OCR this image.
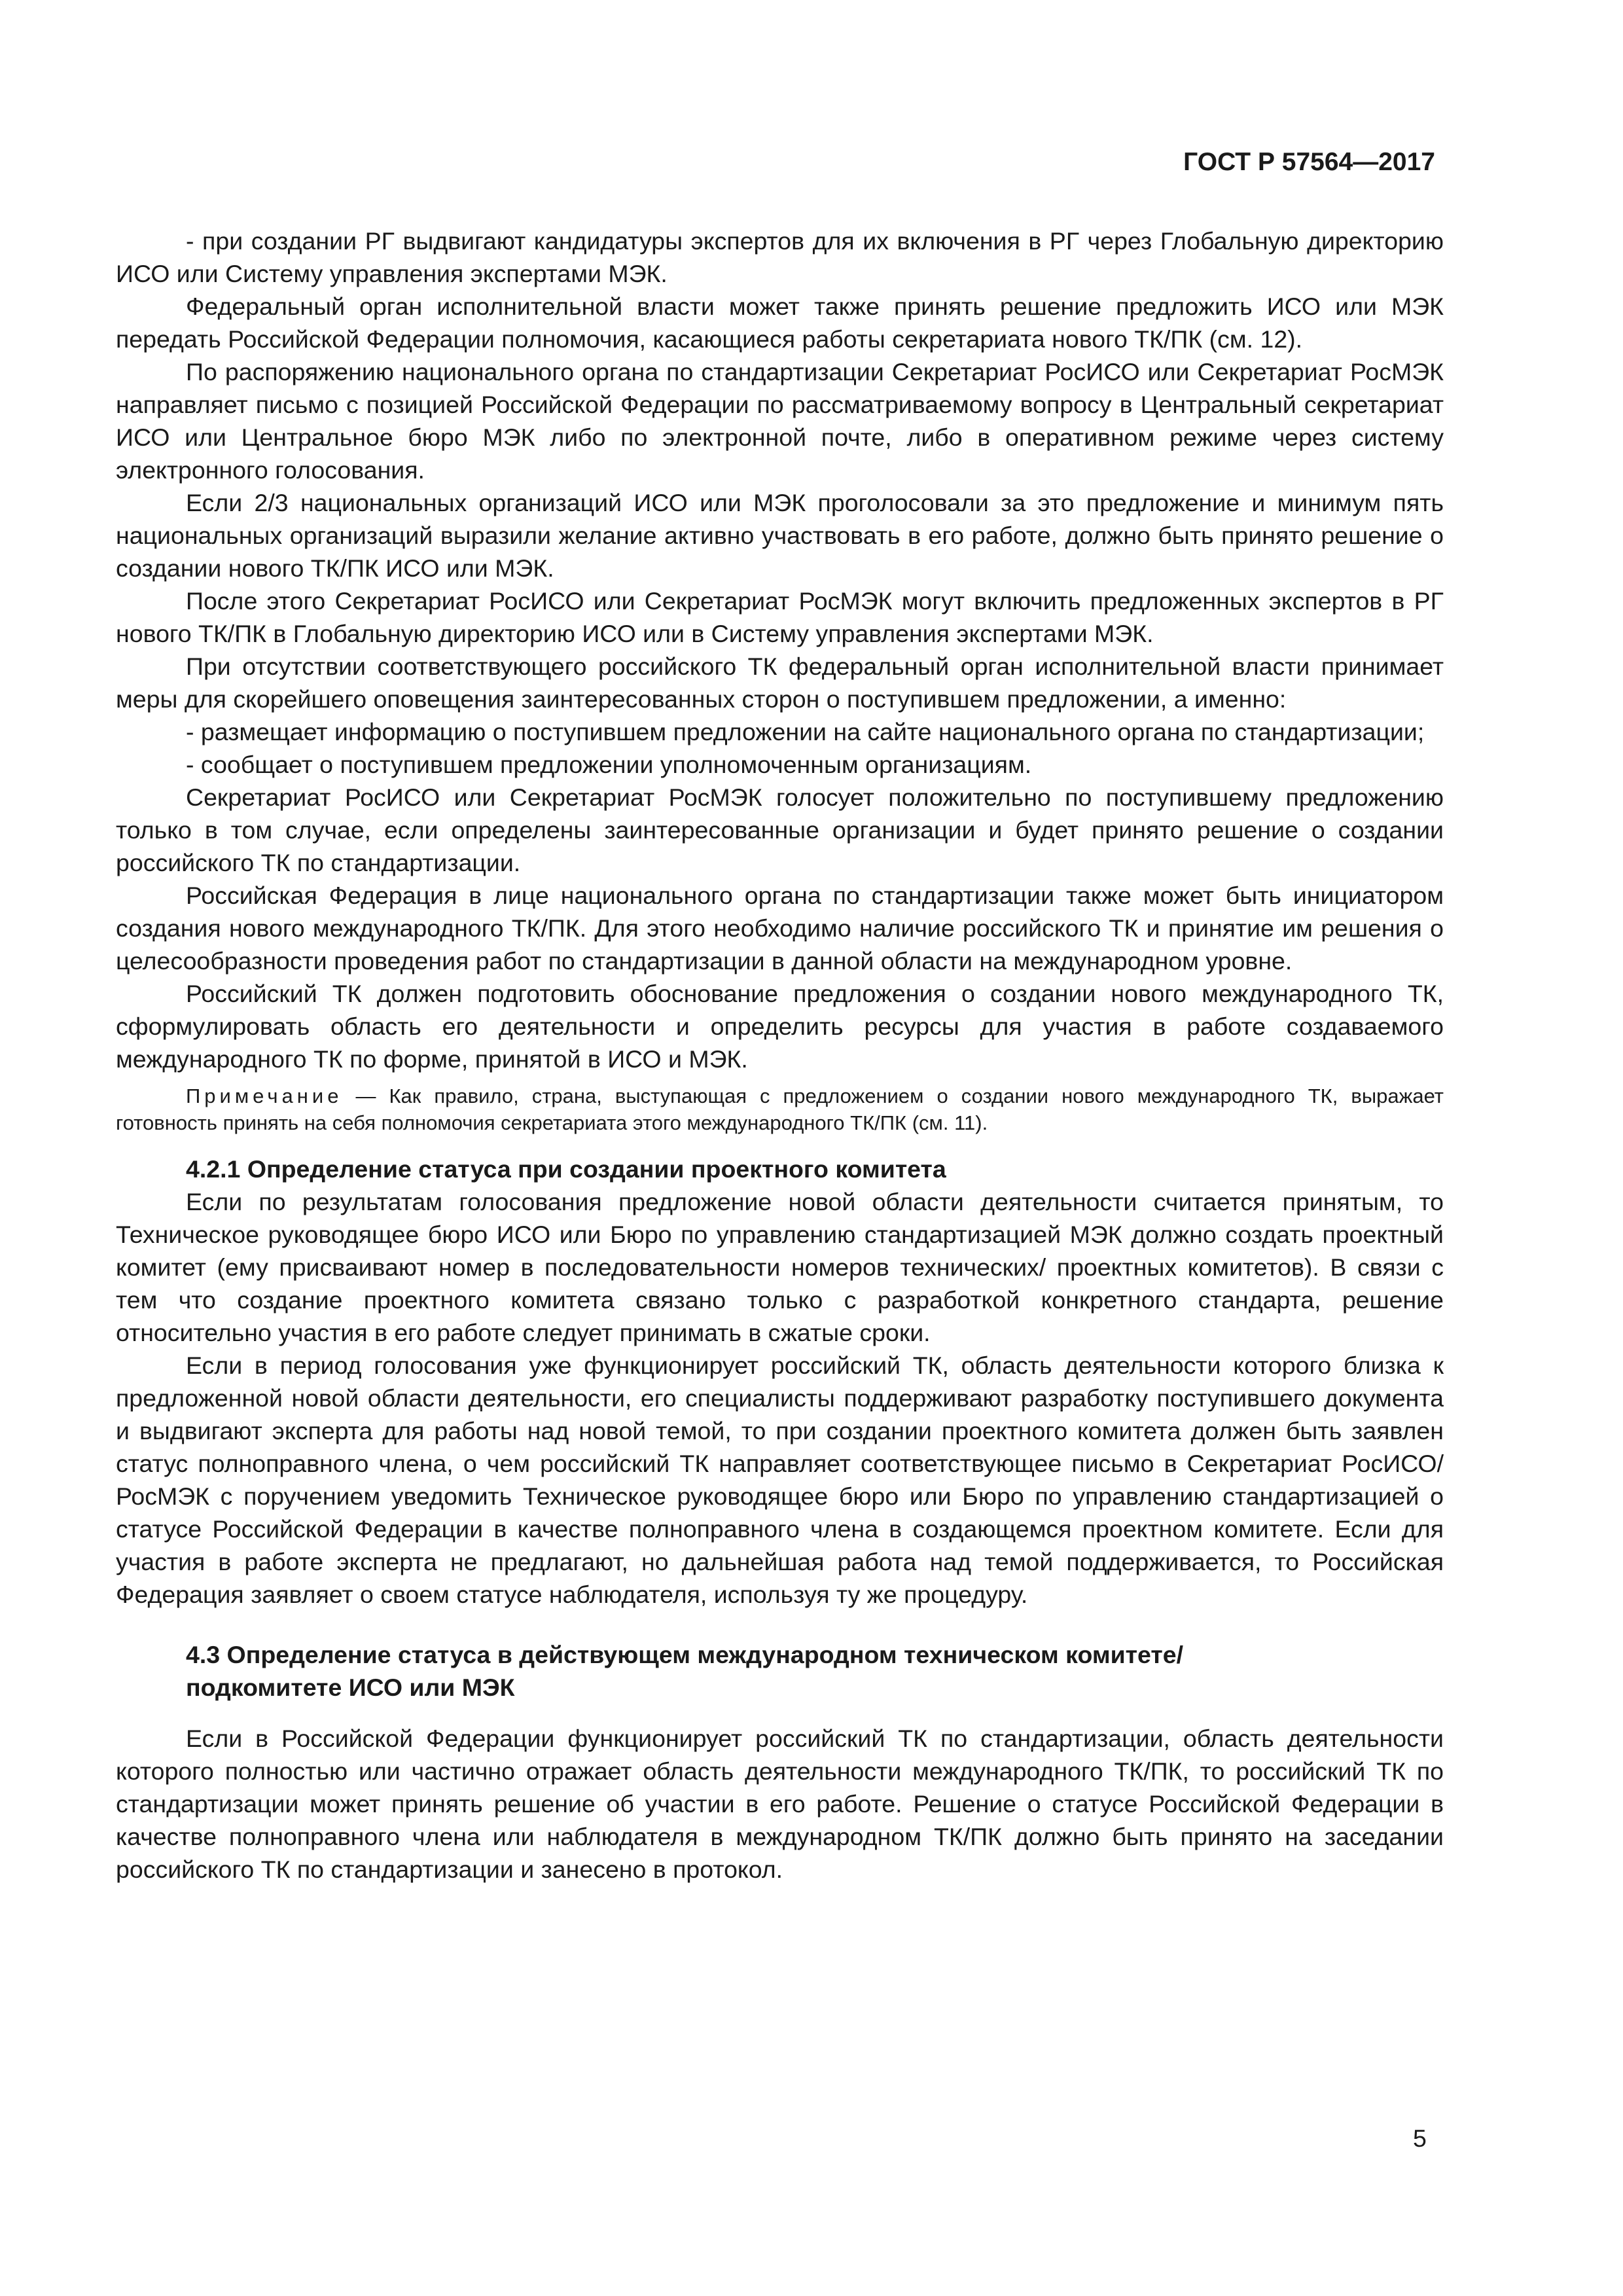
ГОСТ Р 57564—2017

- при создании РГ выдвигают кандидатуры экспертов для их включения в РГ через Глобальную директорию ИСО или Систему управления экспертами МЭК.

Федеральный орган исполнительной власти может также принять решение предложить ИСО или МЭК передать Российской Федерации полномочия, касающиеся работы секретариата нового ТК/ПК (см. 12).

По распоряжению национального органа по стандартизации Секретариат РосИСО или Секретариат РосМЭК направляет письмо с позицией Российской Федерации по рассматриваемому вопросу в Центральный секретариат ИСО или Центральное бюро МЭК либо по электронной почте, либо в оперативном режиме через систему электронного голосования.

Если 2/3 национальных организаций ИСО или МЭК проголосовали за это предложение и минимум пять национальных организаций выразили желание активно участвовать в его работе, должно быть принято решение о создании нового ТК/ПК ИСО или МЭК.

После этого Секретариат РосИСО или Секретариат РосМЭК могут включить предложенных экспертов в РГ нового ТК/ПК в Глобальную директорию ИСО или в Систему управления экспертами МЭК.

При отсутствии соответствующего российского ТК федеральный орган исполнительной власти принимает меры для скорейшего оповещения заинтересованных сторон о поступившем предложении, а именно:

- размещает информацию о поступившем предложении на сайте национального органа по стандартизации;

- сообщает о поступившем предложении уполномоченным организациям.

Секретариат РосИСО или Секретариат РосМЭК голосует положительно по поступившему предложению только в том случае, если определены заинтересованные организации и будет принято решение о создании российского ТК по стандартизации.

Российская Федерация в лице национального органа по стандартизации также может быть инициатором создания нового международного ТК/ПК. Для этого необходимо наличие российского ТК и принятие им решения о целесообразности проведения работ по стандартизации в данной области на международном уровне.

Российский ТК должен подготовить обоснование предложения о создании нового международного ТК, сформулировать область его деятельности и определить ресурсы для участия в работе создаваемого международного ТК по форме, принятой в ИСО и МЭК.

Примечание — Как правило, страна, выступающая с предложением о создании нового международного ТК, выражает готовность принять на себя полномочия секретариата этого международного ТК/ПК (см. 11).

4.2.1 Определение статуса при создании проектного комитета

Если по результатам голосования предложение новой области деятельности считается принятым, то Техническое руководящее бюро ИСО или Бюро по управлению стандартизацией МЭК должно создать проектный комитет (ему присваивают номер в последовательности номеров технических/ проектных комитетов). В связи с тем что создание проектного комитета связано только с разработкой конкретного стандарта, решение относительно участия в его работе следует принимать в сжатые сроки.

Если в период голосования уже функционирует российский ТК, область деятельности которого близка к предложенной новой области деятельности, его специалисты поддерживают разработку поступившего документа и выдвигают эксперта для работы над новой темой, то при создании проектного комитета должен быть заявлен статус полноправного члена, о чем российский ТК направляет соответствующее письмо в Секретариат РосИСО/РосМЭК с поручением уведомить Техническое руководящее бюро или Бюро по управлению стандартизацией о статусе Российской Федерации в качестве полноправного члена в создающемся проектном комитете. Если для участия в работе эксперта не предлагают, но дальнейшая работа над темой поддерживается, то Российская Федерация заявляет о своем статусе наблюдателя, используя ту же процедуру.

4.3 Определение статуса в действующем международном техническом комитете/
подкомитете ИСО или МЭК

Если в Российской Федерации функционирует российский ТК по стандартизации, область деятельности которого полностью или частично отражает область деятельности международного ТК/ПК, то российский ТК по стандартизации может принять решение об участии в его работе. Решение о статусе Российской Федерации в качестве полноправного члена или наблюдателя в международном ТК/ПК должно быть принято на заседании российского ТК по стандартизации и занесено в протокол.

5
